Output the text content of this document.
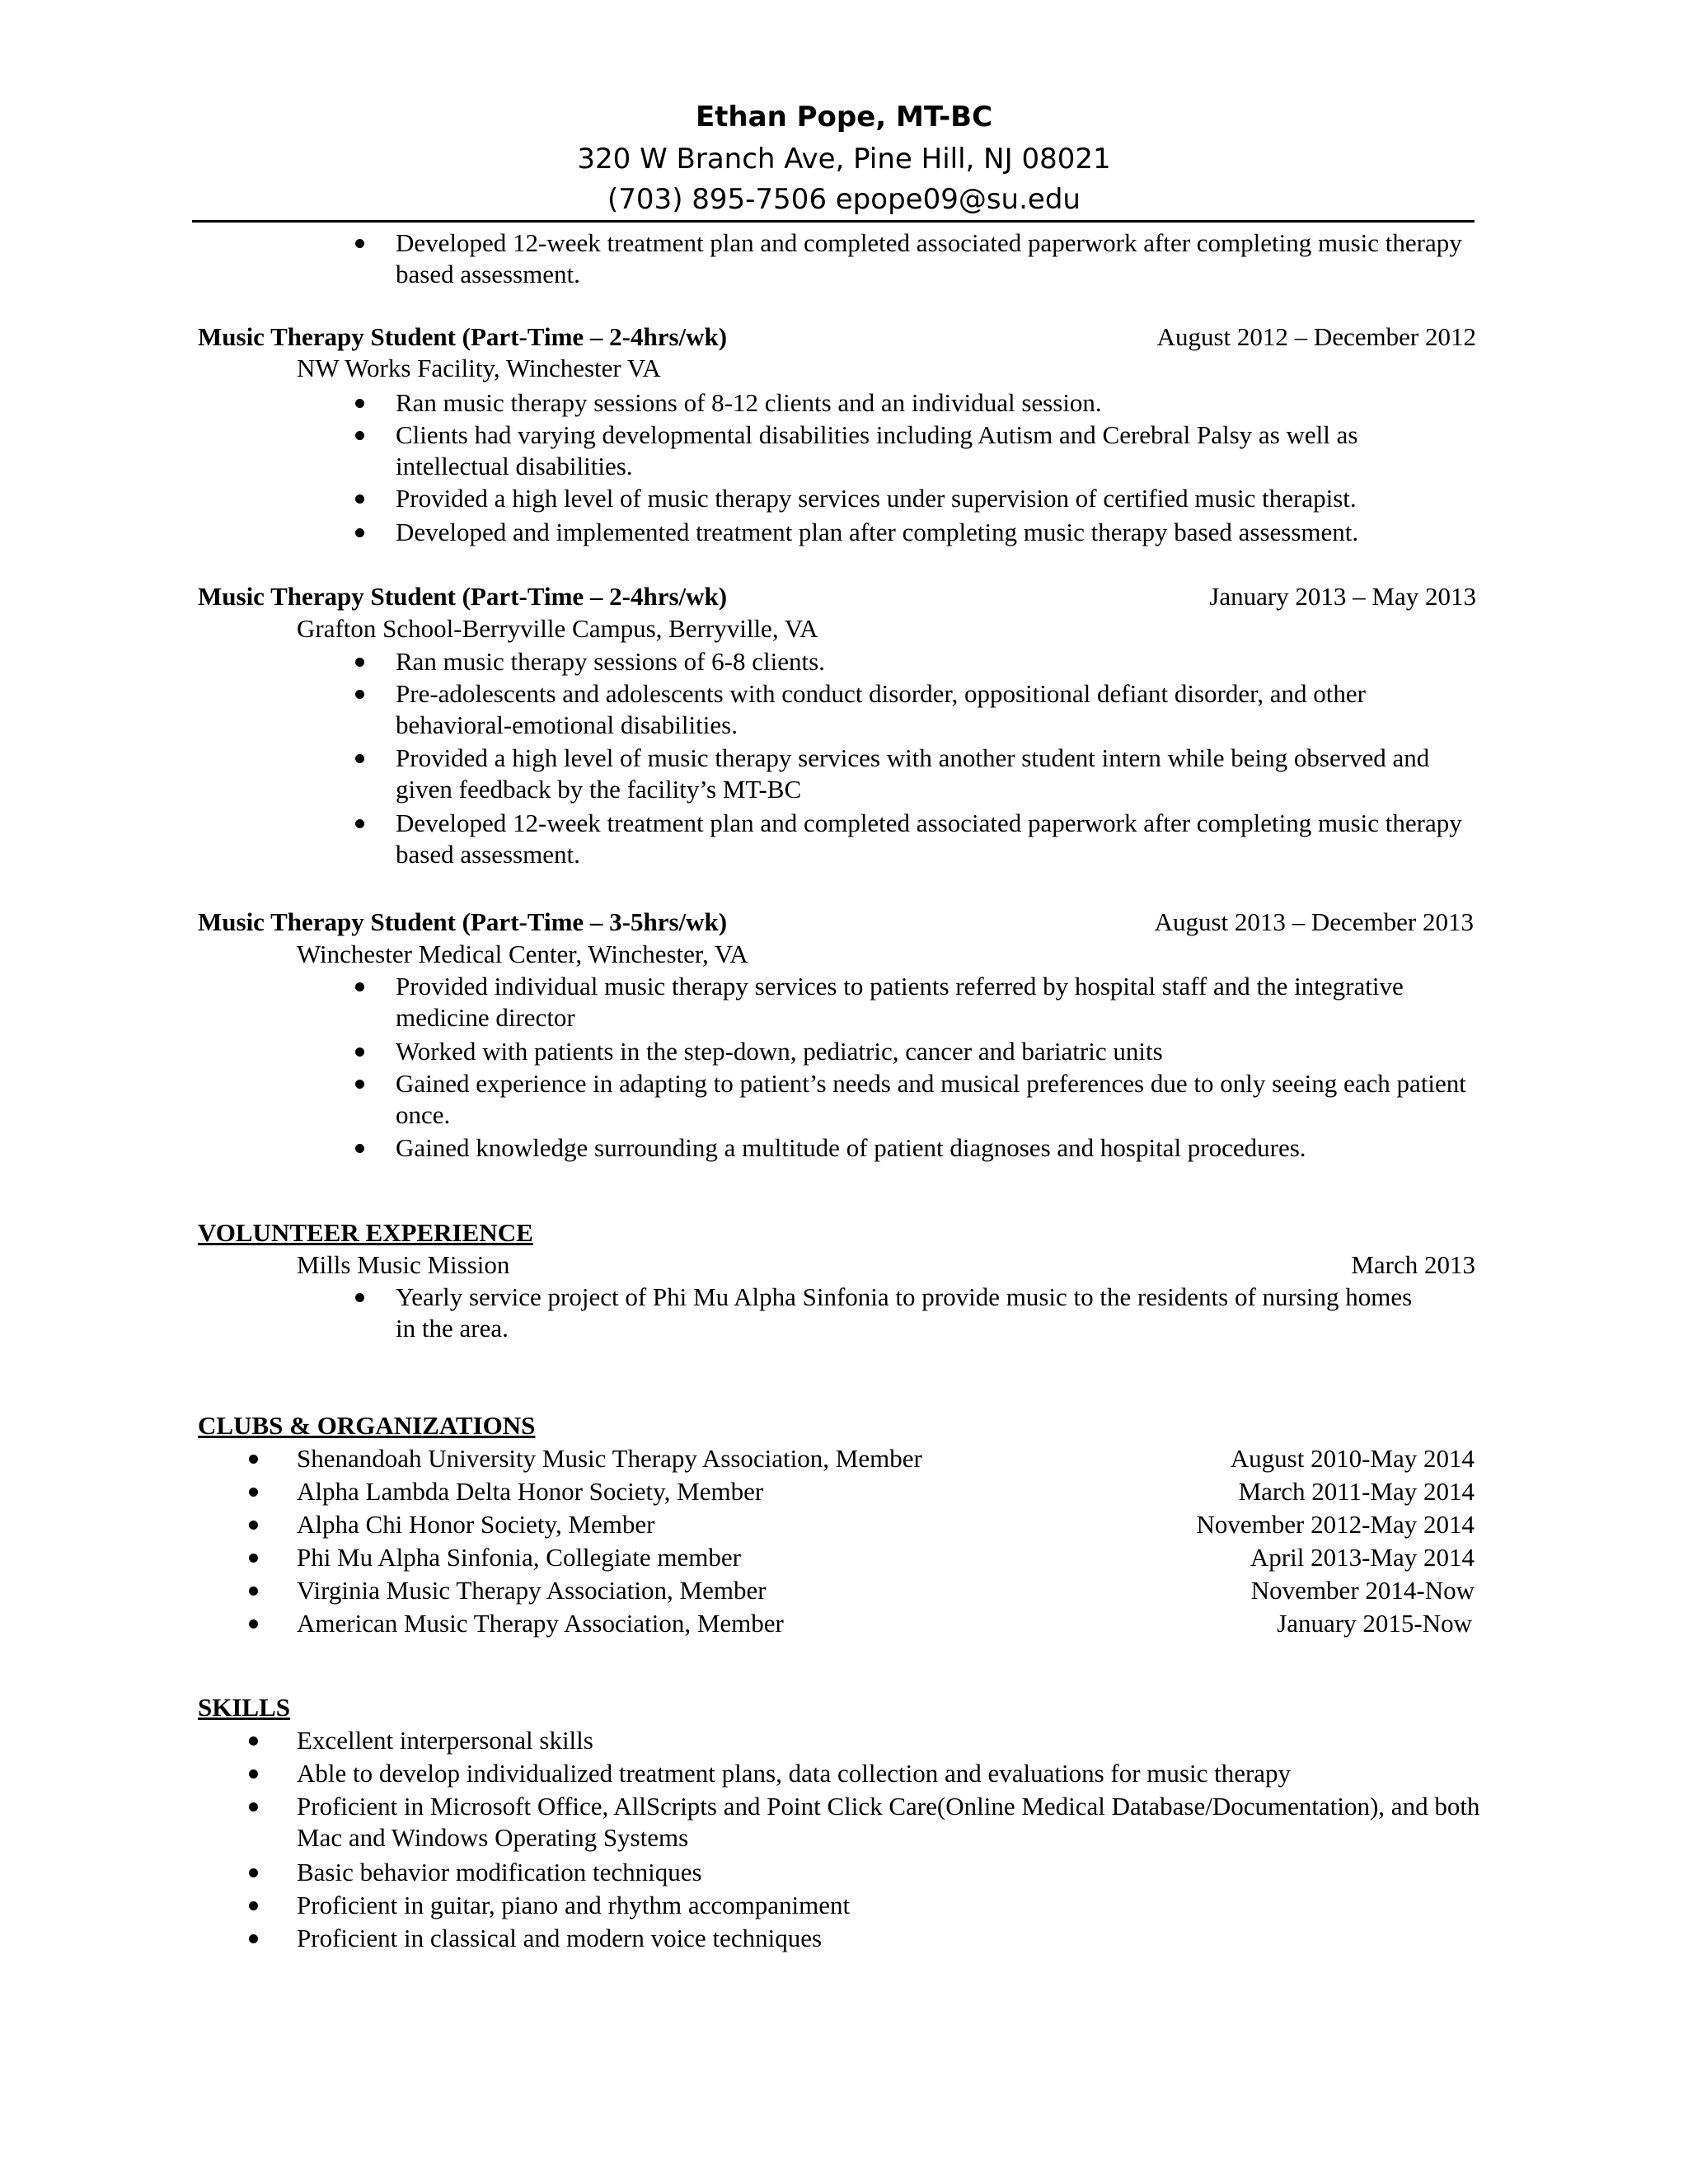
Ethan Pope, MT-BC
320 W Branch Ave, Pine Hill, NJ 08021
(703) 895-7506 epope09@su.edu
Developed 12-week treatment plan and completed associated paperwork after completing music therapy based assessment.
Music Therapy Student (Part-Time – 2-4hrs/wk)	August 2012 – December 2012
NW Works Facility, Winchester VA
Ran music therapy sessions of 8-12 clients and an individual session.
Clients had varying developmental disabilities including Autism and Cerebral Palsy as well as intellectual disabilities.
Provided a high level of music therapy services under supervision of certified music therapist.
Developed and implemented treatment plan after completing music therapy based assessment.
Music Therapy Student (Part-Time – 2-4hrs/wk)	January 2013 – May 2013
Grafton School-Berryville Campus, Berryville, VA
Ran music therapy sessions of 6-8 clients.
Pre-adolescents and adolescents with conduct disorder, oppositional defiant disorder, and other behavioral-emotional disabilities.
Provided a high level of music therapy services with another student intern while being observed and given feedback by the facility’s MT-BC
Developed 12-week treatment plan and completed associated paperwork after completing music therapy based assessment.
Music Therapy Student (Part-Time – 3-5hrs/wk)	August 2013 – December 2013
Winchester Medical Center, Winchester, VA
Provided individual music therapy services to patients referred by hospital staff and the integrative medicine director
Worked with patients in the step-down, pediatric, cancer and bariatric units
Gained experience in adapting to patient’s needs and musical preferences due to only seeing each patient once.
Gained knowledge surrounding a multitude of patient diagnoses and hospital procedures.
VOLUNTEER EXPERIENCE
Mills Music Mission	March 2013
Yearly service project of Phi Mu Alpha Sinfonia to provide music to the residents of nursing homes in the area.
CLUBS & ORGANIZATIONS
Shenandoah University Music Therapy Association, Member	August 2010-May 2014
Alpha Lambda Delta Honor Society, Member	March 2011-May 2014
Alpha Chi Honor Society, Member	November 2012-May 2014
Phi Mu Alpha Sinfonia, Collegiate member	April 2013-May 2014
Virginia Music Therapy Association, Member	November 2014-Now
American Music Therapy Association, Member	January 2015-Now
SKILLS
Excellent interpersonal skills
Able to develop individualized treatment plans, data collection and evaluations for music therapy
Proficient in Microsoft Office, AllScripts and Point Click Care(Online Medical Database/Documentation), and both Mac and Windows Operating Systems
Basic behavior modification techniques
Proficient in guitar, piano and rhythm accompaniment
Proficient in classical and modern voice techniques
